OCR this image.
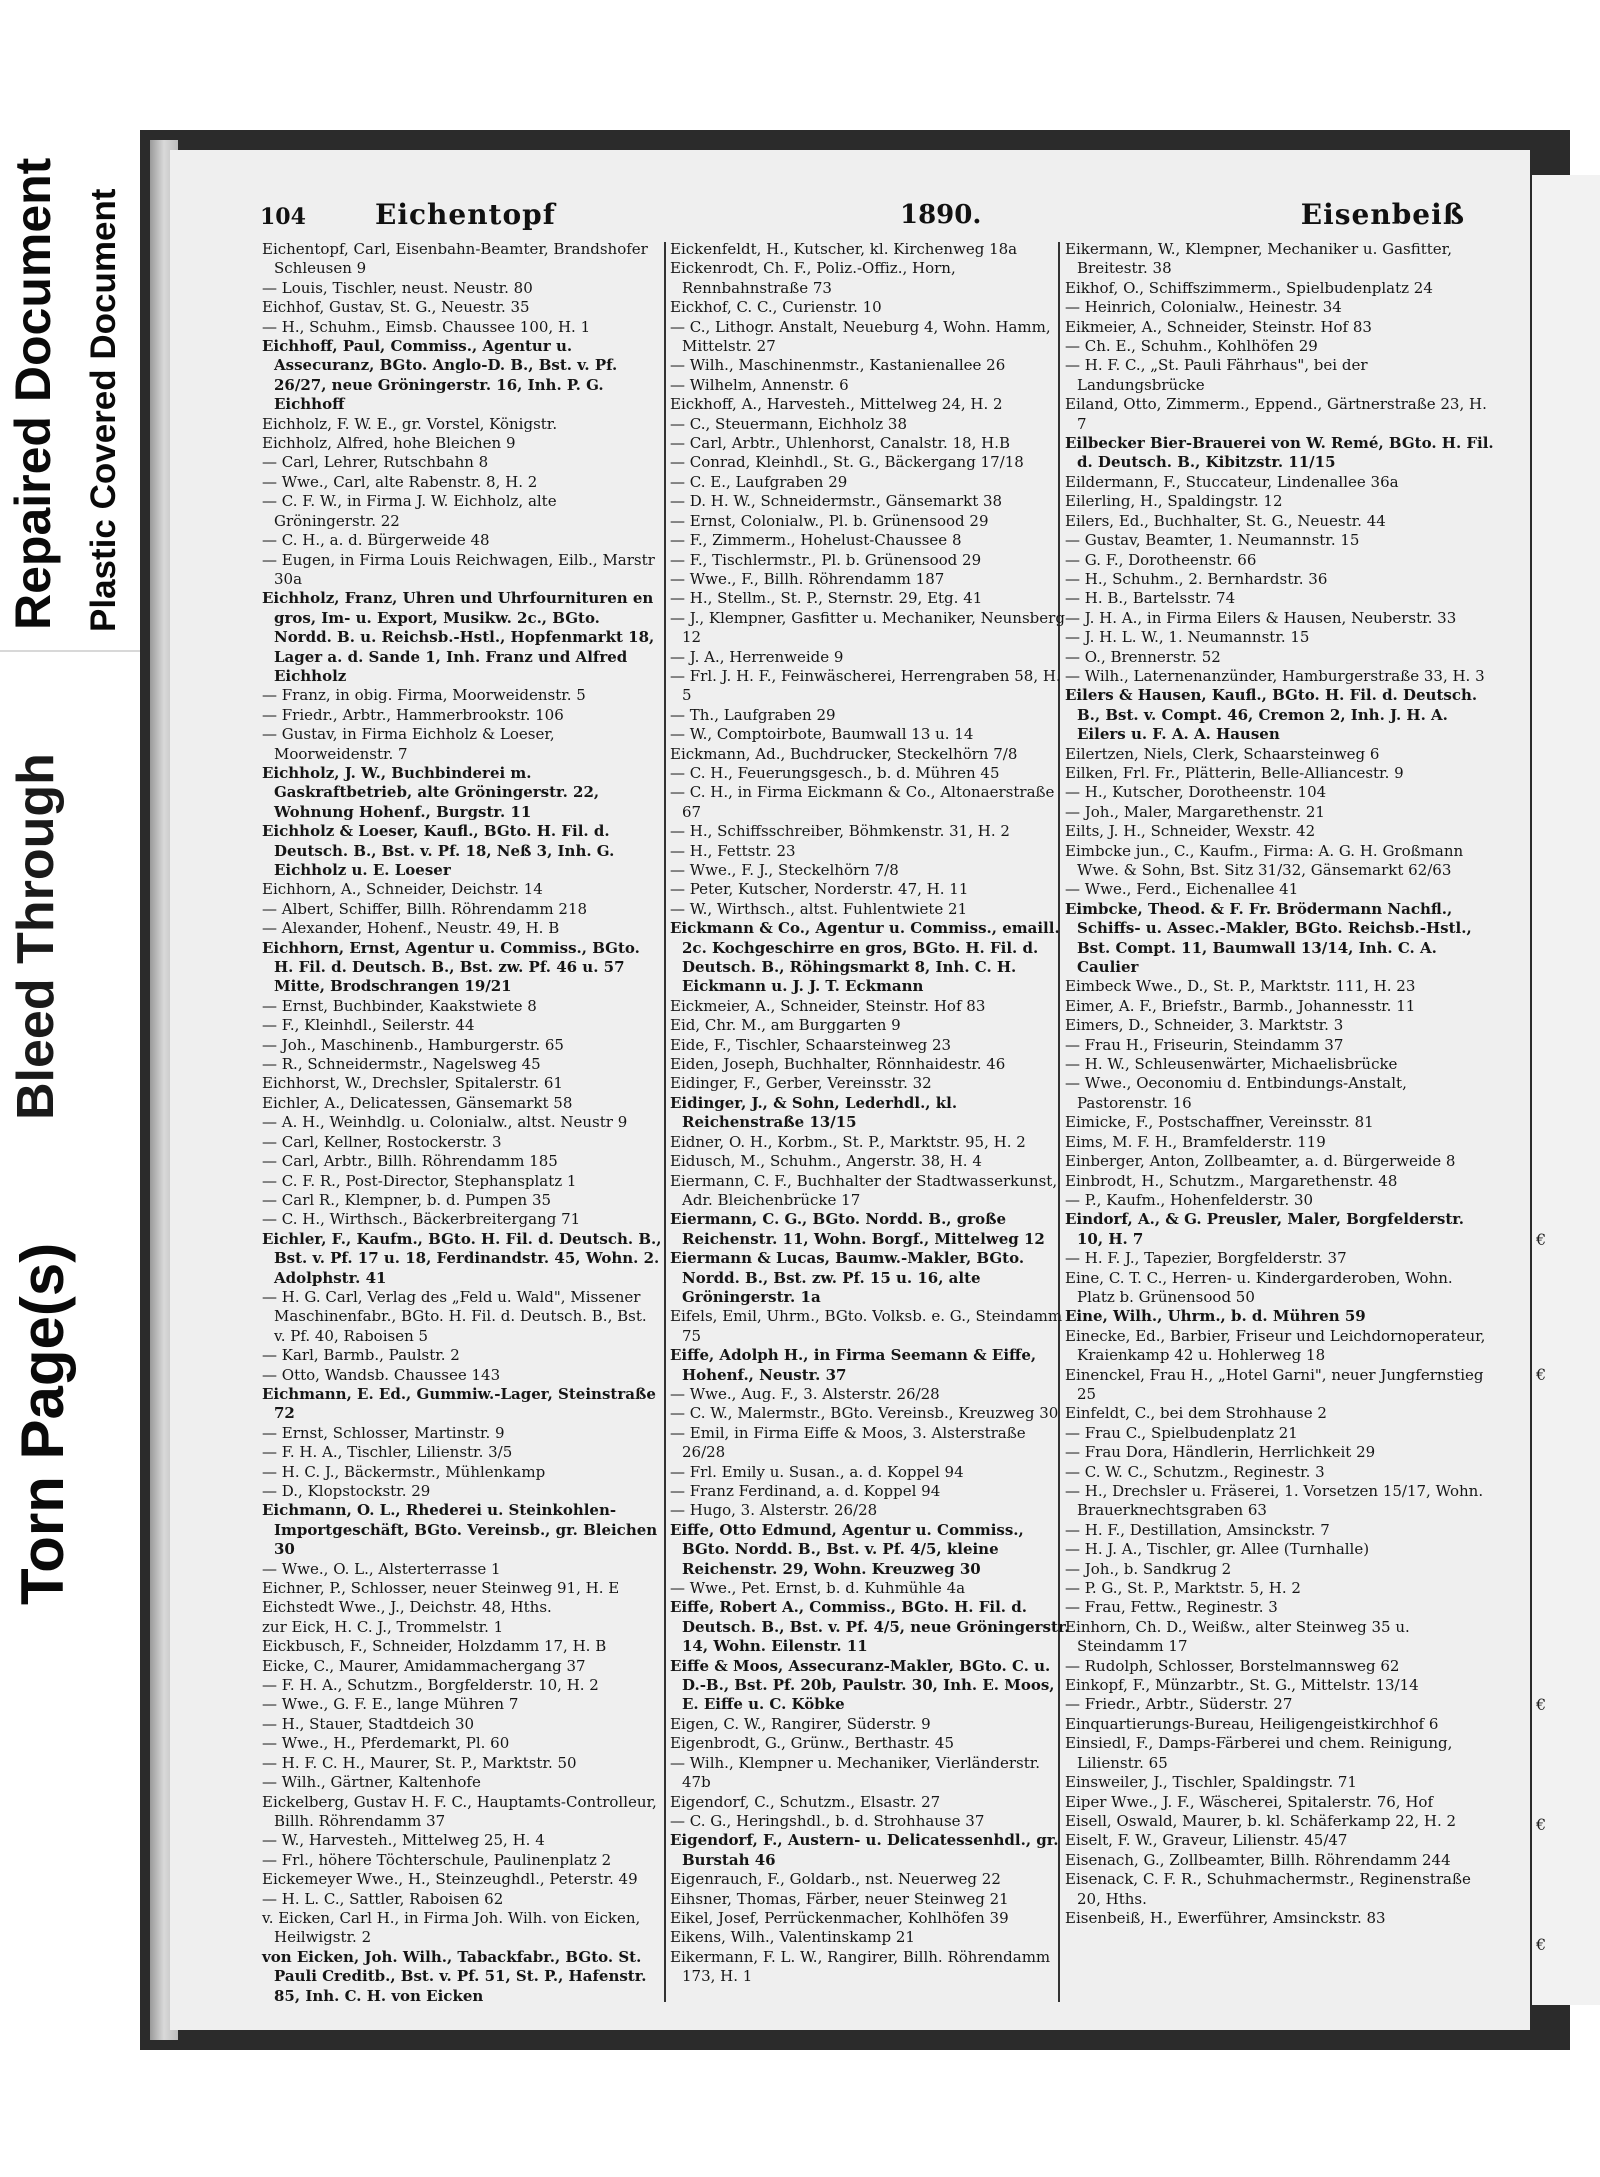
Repaired Document Plastic Covered Document
Bleed Through
Torn Page(s)
€
€
€
€
€
104 Eichentopf	1890.	Eisenbeiß

Eichentopf, Carl, Eisenbahn-Beamter, Brandshofer Schleusen 9

— Louis, Tischler, neust. Neustr. 80

Eichhof, Gustav, St. G., Neuestr. 35

— H., Schuhm., Eimsb. Chaussee 100, H. 1

Eichhoff, Paul, Commiss., Agentur u. Assecuranz, BGto. Anglo-D. B., Bst. v. Pf. 26/27, neue Gröningerstr. 16, Inh. P. G. Eichhoff

Eichholz, F. W. E., gr. Vorstel, Königstr.

Eichholz, Alfred, hohe Bleichen 9

— Carl, Lehrer, Rutschbahn 8

— Wwe., Carl, alte Rabenstr. 8, H. 2

— C. F. W., in Firma J. W. Eichholz, alte Gröningerstr. 22

— C. H., a. d. Bürgerweide 48

— Eugen, in Firma Louis Reichwagen, Eilb., Marstr 30a

Eichholz, Franz, Uhren und Uhrfournituren en gros, Im- u. Export, Musikw. 2c., BGto. Nordd. B. u. Reichsb.-Hstl., Hopfenmarkt 18, Lager a. d. Sande 1, Inh. Franz und Alfred Eichholz

— Franz, in obig. Firma, Moorweidenstr. 5

— Friedr., Arbtr., Hammerbrookstr. 106

— Gustav, in Firma Eichholz & Loeser, Moorweidenstr. 7

Eichholz, J. W., Buchbinderei m. Gaskraftbetrieb, alte Gröningerstr. 22, Wohnung Hohenf., Burgstr. 11

Eichholz & Loeser, Kaufl., BGto. H. Fil. d. Deutsch. B., Bst. v. Pf. 18, Neß 3, Inh. G. Eichholz u. E. Loeser

Eichhorn, A., Schneider, Deichstr. 14

— Albert, Schiffer, Billh. Röhrendamm 218

— Alexander, Hohenf., Neustr. 49, H. B

Eichhorn, Ernst, Agentur u. Commiss., BGto. H. Fil. d. Deutsch. B., Bst. zw. Pf. 46 u. 57 Mitte, Brodschrangen 19/21

— Ernst, Buchbinder, Kaakstwiete 8

— F., Kleinhdl., Seilerstr. 44

— Joh., Maschinenb., Hamburgerstr. 65

— R., Schneidermstr., Nagelsweg 45

Eichhorst, W., Drechsler, Spitalerstr. 61

Eichler, A., Delicatessen, Gänsemarkt 58

— A. H., Weinhdlg. u. Colonialw., altst. Neustr 9

— Carl, Kellner, Rostockerstr. 3

— Carl, Arbtr., Billh. Röhrendamm 185

— C. F. R., Post-Director, Stephansplatz 1

— Carl R., Klempner, b. d. Pumpen 35

— C. H., Wirthsch., Bäckerbreitergang 71

Eichler, F., Kaufm., BGto. H. Fil. d. Deutsch. B., Bst. v. Pf. 17 u. 18, Ferdinandstr. 45, Wohn. 2. Adolphstr. 41

— H. G. Carl, Verlag des „Feld u. Wald", Missener Maschinenfabr., BGto. H. Fil. d. Deutsch. B., Bst. v. Pf. 40, Raboisen 5

— Karl, Barmb., Paulstr. 2

— Otto, Wandsb. Chaussee 143

Eichmann, E. Ed., Gummiw.-Lager, Steinstraße 72

— Ernst, Schlosser, Martinstr. 9

— F. H. A., Tischler, Lilienstr. 3/5

— H. C. J., Bäckermstr., Mühlenkamp

— D., Klopstockstr. 29

Eichmann, O. L., Rhederei u. Steinkohlen-Importgeschäft, BGto. Vereinsb., gr. Bleichen 30

— Wwe., O. L., Alsterterrasse 1

Eichner, P., Schlosser, neuer Steinweg 91, H. E

Eichstedt Wwe., J., Deichstr. 48, Hths.

zur Eick, H. C. J., Trommelstr. 1

Eickbusch, F., Schneider, Holzdamm 17, H. B

Eicke, C., Maurer, Amidammachergang 37

— F. H. A., Schutzm., Borgfelderstr. 10, H. 2

— Wwe., G. F. E., lange Mühren 7

— H., Stauer, Stadtdeich 30

— Wwe., H., Pferdemarkt, Pl. 60

— H. F. C. H., Maurer, St. P., Marktstr. 50

— Wilh., Gärtner, Kaltenhofe

Eickelberg, Gustav H. F. C., Hauptamts-Controlleur, Billh. Röhrendamm 37

— W., Harvesteh., Mittelweg 25, H. 4

— Frl., höhere Töchterschule, Paulinenplatz 2

Eickemeyer Wwe., H., Steinzeughdl., Peterstr. 49

— H. L. C., Sattler, Raboisen 62

v. Eicken, Carl H., in Firma Joh. Wilh. von Eicken, Heilwigstr. 2

von Eicken, Joh. Wilh., Tabackfabr., BGto. St. Pauli Creditb., Bst. v. Pf. 51, St. P., Hafenstr. 85, Inh. C. H. von Eicken

Eickenfeldt, H., Kutscher, kl. Kirchenweg 18a

Eickenrodt, Ch. F., Poliz.-Offiz., Horn, Rennbahnstraße 73

Eickhof, C. C., Curienstr. 10

— C., Lithogr. Anstalt, Neueburg 4, Wohn. Hamm, Mittelstr. 27

— Wilh., Maschinenmstr., Kastanienallee 26

— Wilhelm, Annenstr. 6

Eickhoff, A., Harvesteh., Mittelweg 24, H. 2

— C., Steuermann, Eichholz 38

— Carl, Arbtr., Uhlenhorst, Canalstr. 18, H.B

— Conrad, Kleinhdl., St. G., Bäckergang 17/18

— C. E., Laufgraben 29

— D. H. W., Schneidermstr., Gänsemarkt 38

— Ernst, Colonialw., Pl. b. Grünensood 29

— F., Zimmerm., Hohelust-Chaussee 8

— F., Tischlermstr., Pl. b. Grünensood 29

— Wwe., F., Billh. Röhrendamm 187

— H., Stellm., St. P., Sternstr. 29, Etg. 41

— J., Klempner, Gasfitter u. Mechaniker, Neunsberg 12

— J. A., Herrenweide 9

— Frl. J. H. F., Feinwäscherei, Herrengraben 58, H. 5

— Th., Laufgraben 29

— W., Comptoirbote, Baumwall 13 u. 14

Eickmann, Ad., Buchdrucker, Steckelhörn 7/8

— C. H., Feuerungsgesch., b. d. Mühren 45

— C. H., in Firma Eickmann & Co., Altonaerstraße 67

— H., Schiffsschreiber, Böhmkenstr. 31, H. 2

— H., Fettstr. 23

— Wwe., F. J., Steckelhörn 7/8

— Peter, Kutscher, Norderstr. 47, H. 11

— W., Wirthsch., altst. Fuhlentwiete 21

Eickmann & Co., Agentur u. Commiss., emaill. 2c. Kochgeschirre en gros, BGto. H. Fil. d. Deutsch. B., Röhingsmarkt 8, Inh. C. H. Eickmann u. J. J. T. Eckmann

Eickmeier, A., Schneider, Steinstr. Hof 83

Eid, Chr. M., am Burggarten 9

Eide, F., Tischler, Schaarsteinweg 23

Eiden, Joseph, Buchhalter, Rönnhaidestr. 46

Eidinger, F., Gerber, Vereinsstr. 32

Eidinger, J., & Sohn, Lederhdl., kl. Reichenstraße 13/15

Eidner, O. H., Korbm., St. P., Marktstr. 95, H. 2

Eidusch, M., Schuhm., Angerstr. 38, H. 4

Eiermann, C. F., Buchhalter der Stadtwasserkunst, Adr. Bleichenbrücke 17

Eiermann, C. G., BGto. Nordd. B., große Reichenstr. 11, Wohn. Borgf., Mittelweg 12

Eiermann & Lucas, Baumw.-Makler, BGto. Nordd. B., Bst. zw. Pf. 15 u. 16, alte Gröningerstr. 1a

Eifels, Emil, Uhrm., BGto. Volksb. e. G., Steindamm 75

Eiffe, Adolph H., in Firma Seemann & Eiffe, Hohenf., Neustr. 37

— Wwe., Aug. F., 3. Alsterstr. 26/28

— C. W., Malermstr., BGto. Vereinsb., Kreuzweg 30

— Emil, in Firma Eiffe & Moos, 3. Alsterstraße 26/28

— Frl. Emily u. Susan., a. d. Koppel 94

— Franz Ferdinand, a. d. Koppel 94

— Hugo, 3. Alsterstr. 26/28

Eiffe, Otto Edmund, Agentur u. Commiss., BGto. Nordd. B., Bst. v. Pf. 4/5, kleine Reichenstr. 29, Wohn. Kreuzweg 30

— Wwe., Pet. Ernst, b. d. Kuhmühle 4a

Eiffe, Robert A., Commiss., BGto. H. Fil. d. Deutsch. B., Bst. v. Pf. 4/5, neue Gröningerstr. 14, Wohn. Eilenstr. 11

Eiffe & Moos, Assecuranz-Makler, BGto. C. u. D.-B., Bst. Pf. 20b, Paulstr. 30, Inh. E. Moos, E. Eiffe u. C. Köbke

Eigen, C. W., Rangirer, Süderstr. 9

Eigenbrodt, G., Grünw., Berthastr. 45

— Wilh., Klempner u. Mechaniker, Vierländerstr. 47b

Eigendorf, C., Schutzm., Elsastr. 27

— C. G., Heringshdl., b. d. Strohhause 37

Eigendorf, F., Austern- u. Delicatessenhdl., gr. Burstah 46

Eigenrauch, F., Goldarb., nst. Neuerweg 22

Eihsner, Thomas, Färber, neuer Steinweg 21

Eikel, Josef, Perrückenmacher, Kohlhöfen 39

Eikens, Wilh., Valentinskamp 21

Eikermann, F. L. W., Rangirer, Billh. Röhrendamm 173, H. 1

Eikermann, W., Klempner, Mechaniker u. Gasfitter, Breitestr. 38

Eikhof, O., Schiffszimmerm., Spielbudenplatz 24

— Heinrich, Colonialw., Heinestr. 34

Eikmeier, A., Schneider, Steinstr. Hof 83

— Ch. E., Schuhm., Kohlhöfen 29

— H. F. C., „St. Pauli Fährhaus", bei der Landungsbrücke

Eiland, Otto, Zimmerm., Eppend., Gärtnerstraße 23, H. 7

Eilbecker Bier-Brauerei von W. Remé, BGto. H. Fil. d. Deutsch. B., Kibitzstr. 11/15

Eildermann, F., Stuccateur, Lindenallee 36a

Eilerling, H., Spaldingstr. 12

Eilers, Ed., Buchhalter, St. G., Neuestr. 44

— Gustav, Beamter, 1. Neumannstr. 15

— G. F., Dorotheenstr. 66

— H., Schuhm., 2. Bernhardstr. 36

— H. B., Bartelsstr. 74

— J. H. A., in Firma Eilers & Hausen, Neuberstr. 33

— J. H. L. W., 1. Neumannstr. 15

— O., Brennerstr. 52

— Wilh., Laternenanzünder, Hamburgerstraße 33, H. 3

Eilers & Hausen, Kaufl., BGto. H. Fil. d. Deutsch. B., Bst. v. Compt. 46, Cremon 2, Inh. J. H. A. Eilers u. F. A. A. Hausen

Eilertzen, Niels, Clerk, Schaarsteinweg 6

Eilken, Frl. Fr., Plätterin, Belle-Alliancestr. 9

— H., Kutscher, Dorotheenstr. 104

— Joh., Maler, Margarethenstr. 21

Eilts, J. H., Schneider, Wexstr. 42

Eimbcke jun., C., Kaufm., Firma: A. G. H. Großmann Wwe. & Sohn, Bst. Sitz 31/32, Gänsemarkt 62/63

— Wwe., Ferd., Eichenallee 41

Eimbcke, Theod. & F. Fr. Brödermann Nachfl., Schiffs- u. Assec.-Makler, BGto. Reichsb.-Hstl., Bst. Compt. 11, Baumwall 13/14, Inh. C. A. Caulier

Eimbeck Wwe., D., St. P., Marktstr. 111, H. 23

Eimer, A. F., Briefstr., Barmb., Johannesstr. 11

Eimers, D., Schneider, 3. Marktstr. 3

— Frau H., Friseurin, Steindamm 37

— H. W., Schleusenwärter, Michaelisbrücke

— Wwe., Oeconomiu d. Entbindungs-Anstalt, Pastorenstr. 16

Eimicke, F., Postschaffner, Vereinsstr. 81

Eims, M. F. H., Bramfelderstr. 119

Einberger, Anton, Zollbeamter, a. d. Bürgerweide 8

Einbrodt, H., Schutzm., Margarethenstr. 48

— P., Kaufm., Hohenfelderstr. 30

Eindorf, A., & G. Preusler, Maler, Borgfelderstr. 10, H. 7

— H. F. J., Tapezier, Borgfelderstr. 37

Eine, C. T. C., Herren- u. Kindergarderoben, Wohn. Platz b. Grünensood 50

Eine, Wilh., Uhrm., b. d. Mühren 59

Einecke, Ed., Barbier, Friseur und Leichdornoperateur, Kraienkamp 42 u. Hohlerweg 18

Einenckel, Frau H., „Hotel Garni", neuer Jungfernstieg 25

Einfeldt, C., bei dem Strohhause 2

— Frau C., Spielbudenplatz 21

— Frau Dora, Händlerin, Herrlichkeit 29

— C. W. C., Schutzm., Reginestr. 3

— H., Drechsler u. Fräserei, 1. Vorsetzen 15/17, Wohn. Brauerknechtsgraben 63

— H. F., Destillation, Amsinckstr. 7

— H. J. A., Tischler, gr. Allee (Turnhalle)

— Joh., b. Sandkrug 2

— P. G., St. P., Marktstr. 5, H. 2

— Frau, Fettw., Reginestr. 3

Einhorn, Ch. D., Weißw., alter Steinweg 35 u. Steindamm 17

— Rudolph, Schlosser, Borstelmannsweg 62

Einkopf, F., Münzarbtr., St. G., Mittelstr. 13/14

— Friedr., Arbtr., Süderstr. 27

Einquartierungs-Bureau, Heiligengeistkirchhof 6

Einsiedl, F., Damps-Färberei und chem. Reinigung, Lilienstr. 65

Einsweiler, J., Tischler, Spaldingstr. 71

Eiper Wwe., J. F., Wäscherei, Spitalerstr. 76, Hof

Eisell, Oswald, Maurer, b. kl. Schäferkamp 22, H. 2

Eiselt, F. W., Graveur, Lilienstr. 45/47

Eisenach, G., Zollbeamter, Billh. Röhrendamm 244

Eisenack, C. F. R., Schuhmachermstr., Reginenstraße 20, Hths.

Eisenbeiß, H., Ewerführer, Amsinckstr. 83
